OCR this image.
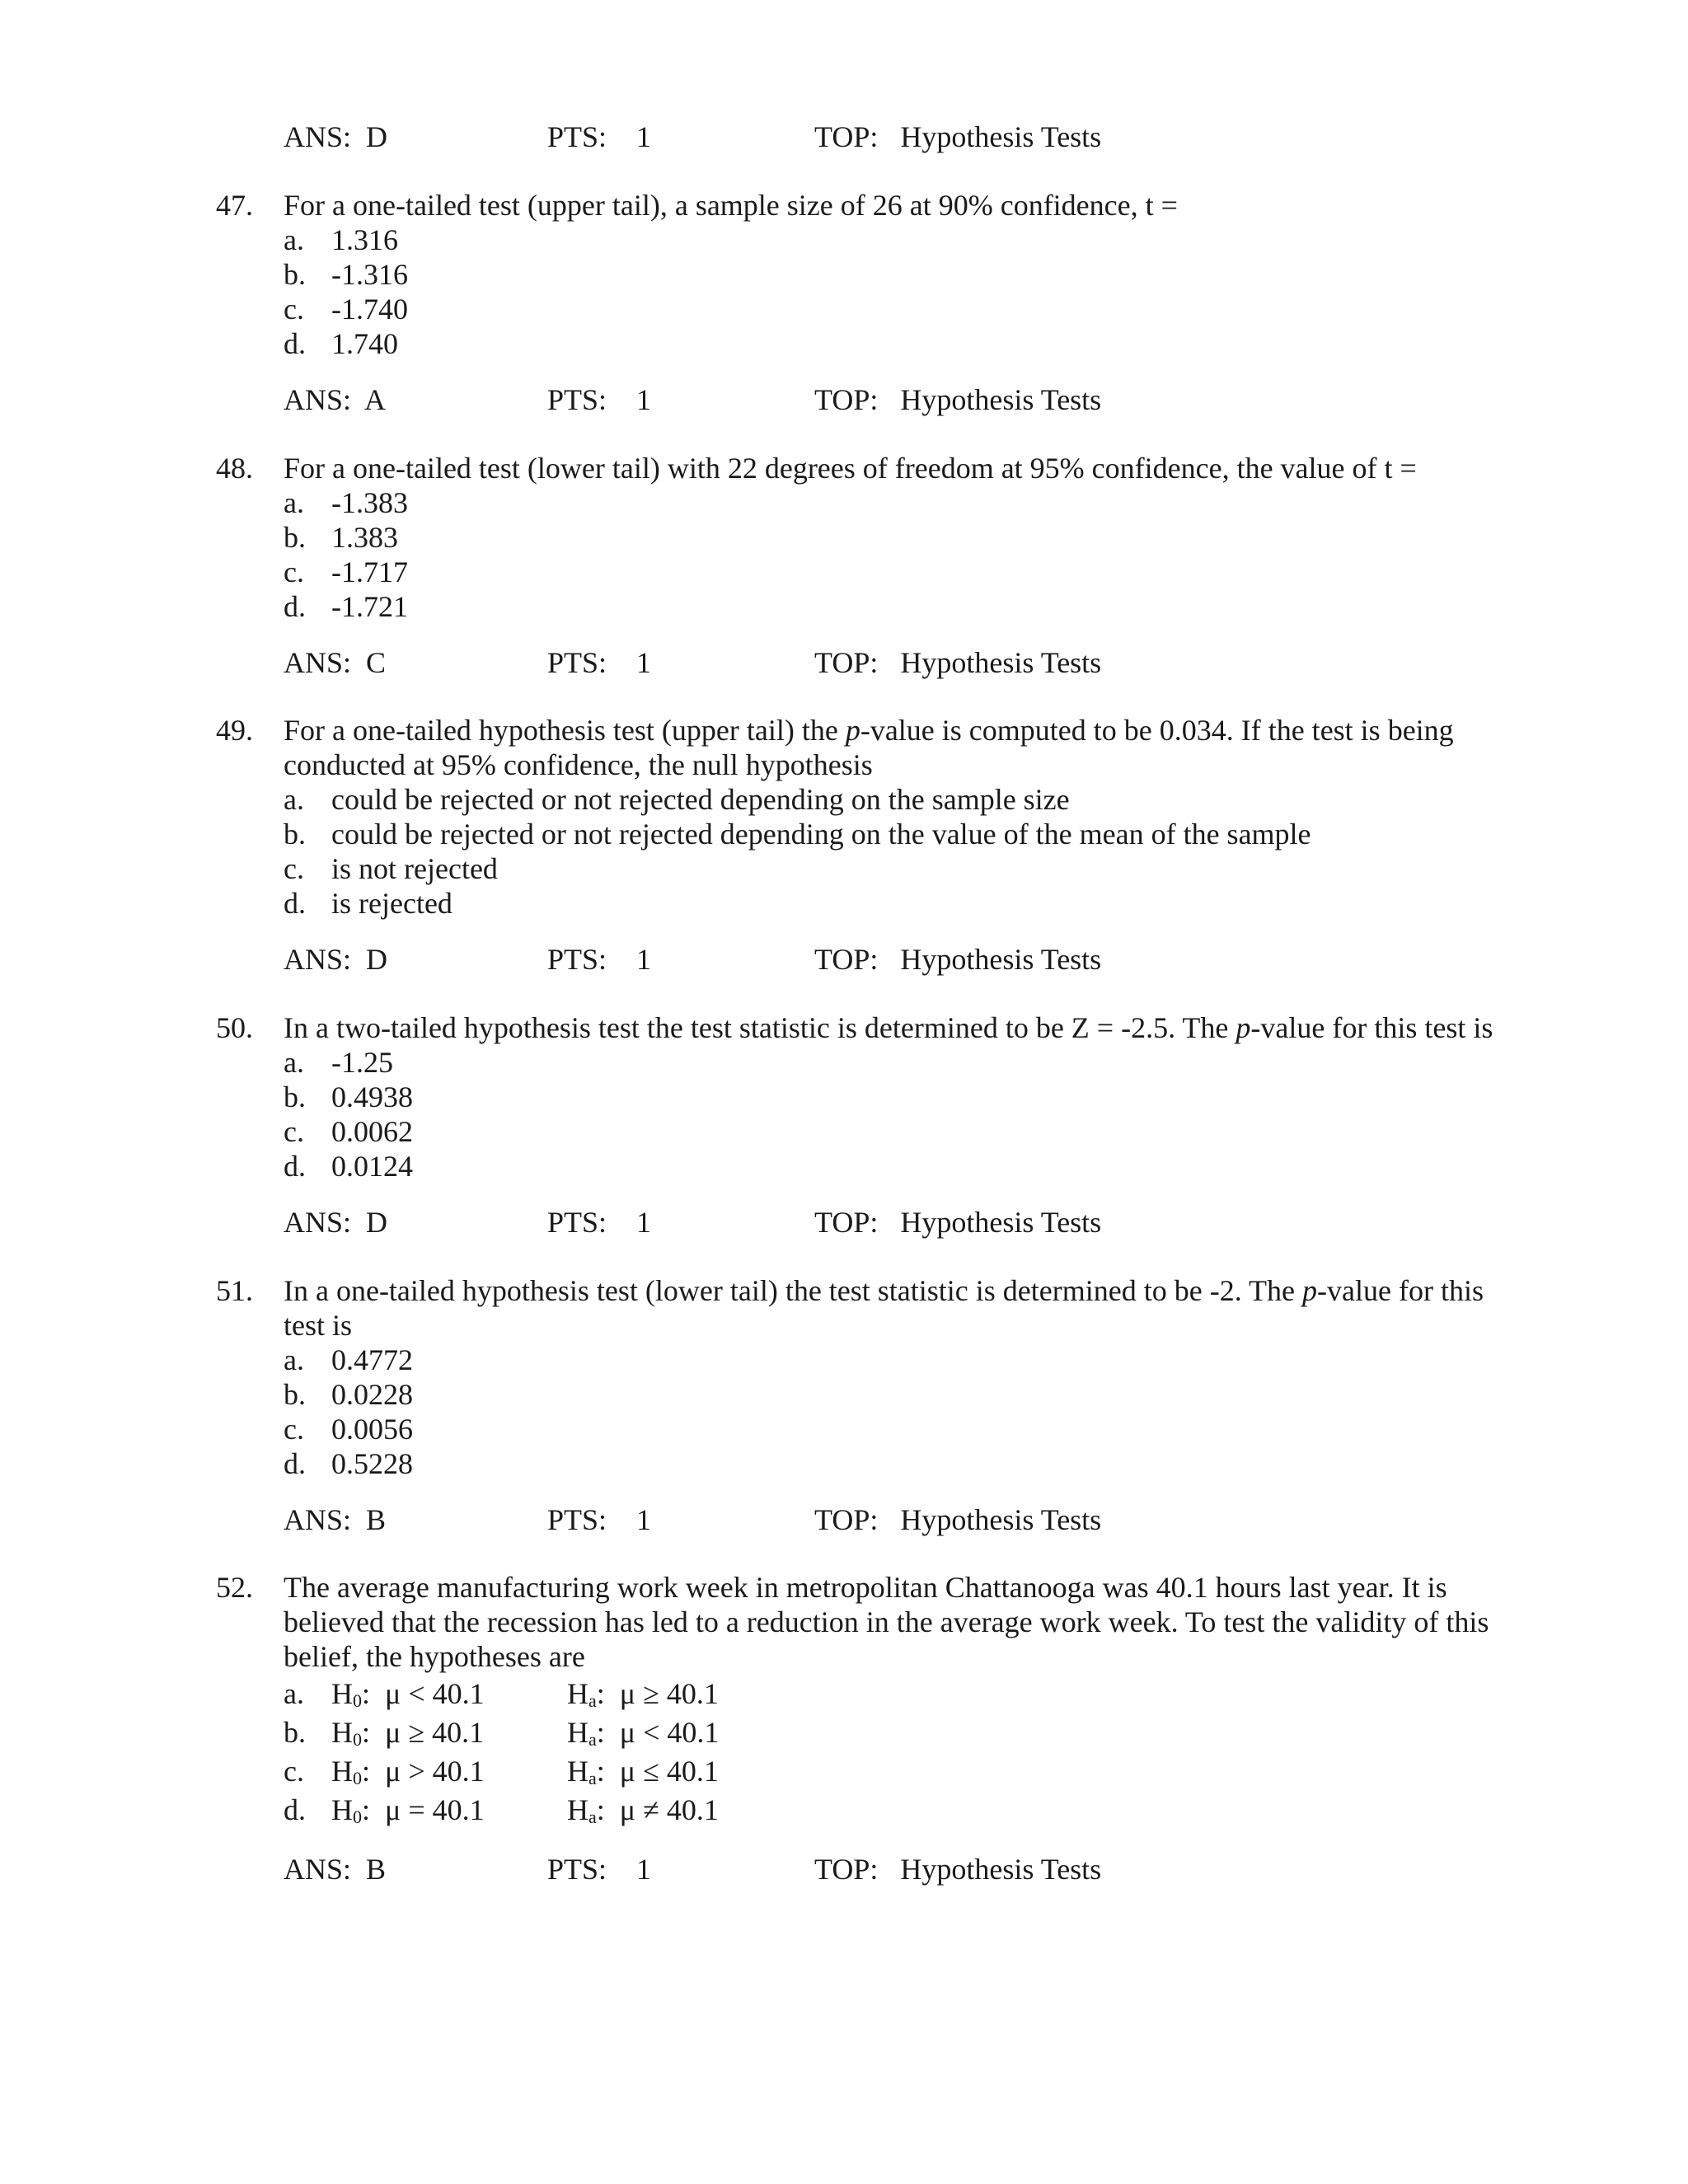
ANS:  D	PTS:    1	TOP:   Hypothesis Tests
47. For a one-tailed test (upper tail), a sample size of 26 at 90% confidence, t =
a. 1.316
b. -1.316
c. -1.740
d. 1.740
ANS:  A	PTS:    1	TOP:   Hypothesis Tests
48. For a one-tailed test (lower tail) with 22 degrees of freedom at 95% confidence, the value of t =
a. -1.383
b. 1.383
c. -1.717
d. -1.721
ANS:  C	PTS:    1	TOP:   Hypothesis Tests
49. For a one-tailed hypothesis test (upper tail) the p-value is computed to be 0.034. If the test is being
conducted at 95% confidence, the null hypothesis
a. could be rejected or not rejected depending on the sample size
b. could be rejected or not rejected depending on the value of the mean of the sample
c. is not rejected
d. is rejected
ANS:  D	PTS:    1	TOP:   Hypothesis Tests
50. In a two-tailed hypothesis test the test statistic is determined to be Z = -2.5. The p-value for this test is
a. -1.25
b. 0.4938
c. 0.0062
d. 0.0124
ANS:  D	PTS:    1	TOP:   Hypothesis Tests
51. In a one-tailed hypothesis test (lower tail) the test statistic is determined to be -2. The p-value for this
test is
a. 0.4772
b. 0.0228
c. 0.0056
d. 0.5228
ANS:  B	PTS:    1	TOP:   Hypothesis Tests
52. The average manufacturing work week in metropolitan Chattanooga was 40.1 hours last year. It is
believed that the recession has led to a reduction in the average work week. To test the validity of this
belief, the hypotheses are
a. $H_0$: μ < 40.1	$H_a$: μ ≥ 40.1
b. $H_0$: μ ≥ 40.1	$H_a$: μ < 40.1
c. $H_0$: μ > 40.1	$H_a$: μ ≤ 40.1
d. $H_0$: μ = 40.1	$H_a$: μ ≠ 40.1
ANS:  B	PTS:    1	TOP:   Hypothesis Tests
